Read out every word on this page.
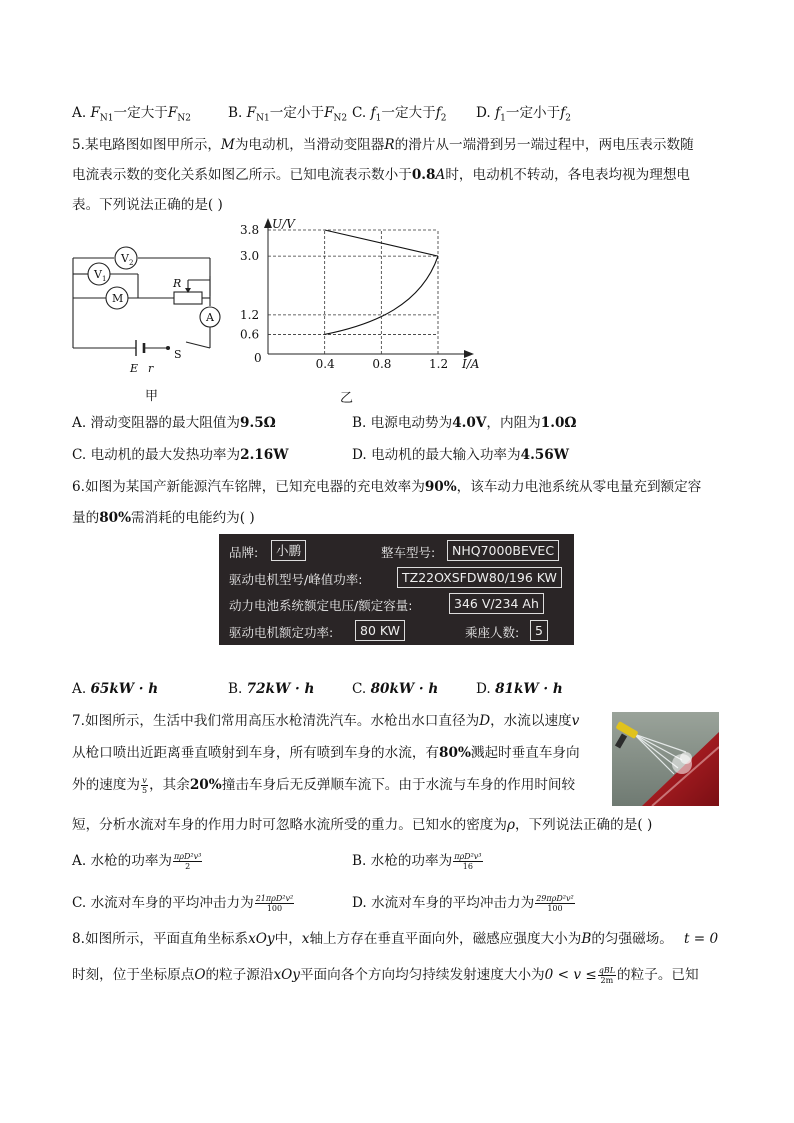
A. $F_{N1}$一定大于$F_{N2}$	B. $F_{N1}$一定小于$F_{N2}$ C. $f_1$一定大于$f_2$ D. $f_1$一定小于$f_2$
5.某电路图如图甲所示，M为电动机，当滑动变阻器R的滑片从一端滑到另一端过程中，两电压表示数随
电流表示数的变化关系如图乙所示。已知电流表示数小于0.8A时，电动机不转动，各电表均视为理想电
表。下列说法正确的是( )
V 2
V 1
M
R
A
E r
S
甲
3.8
3.0
1.2
0.6
0.4	0.8	1.2
U/V
I/A
0
乙
A. 滑动变阻器的最大阻值为9.5Ω	B. 电源电动势为4.0V，内阻为1.0Ω
C. 电动机的最大发热功率为2.16W	D. 电动机的最大输入功率为4.56W
6.如图为某国产新能源汽车铭牌，已知充电器的充电效率为90%，该车动力电池系统从零电量充到额定容
量的80%需消耗的电能约为( )
品牌:	小鹏	整车型号:	NHQ7000BEVEC
驱动电机型号/峰值功率:	TZ22OXSFDW80/196 KW
动力电池系统额定电压/额定容量:	346 V/234 Ah
驱动电机额定功率:	80 KW	乘座人数:	5
A. 65kW · h	B. 72kW · h	C. 80kW · h	D. 81kW · h
7.如图所示，生活中我们常用高压水枪清洗汽车。水枪出水口直径为D，水流以速度v
从枪口喷出近距离垂直喷射到车身，所有喷到车身的水流，有80%溅起时垂直车身向
外的速度为 $\frac{v}{5}$ ，其余20%撞击车身后无反弹顺车流下。由于水流与车身的作用时间较
短，分析水流对车身的作用力时可忽略水流所受的重力。已知水的密度为ρ，下列说法正确的是( )
A. 水枪的功率为 $\frac{\text{πρD²v³}}{2}$	B. 水枪的功率为 $\frac{\text{πρD²v³}}{16}$
C. 水流对车身的平均冲击力为 $\frac{\text{21πρD²v²}}{100}$	D. 水流对车身的平均冲击力为 $\frac{\text{29πρD²v²}}{100}$
8.如图所示，平面直角坐标系xOy中，x轴上方存在垂直平面向外，磁感应强度大小为B的匀强磁场。 t = 0
时刻，位于坐标原点O的粒子源沿xOy平面向各个方向均匀持续发射速度大小为$0 < v \le \frac{\text{qBL}}{2m}$ 的粒子。已知
